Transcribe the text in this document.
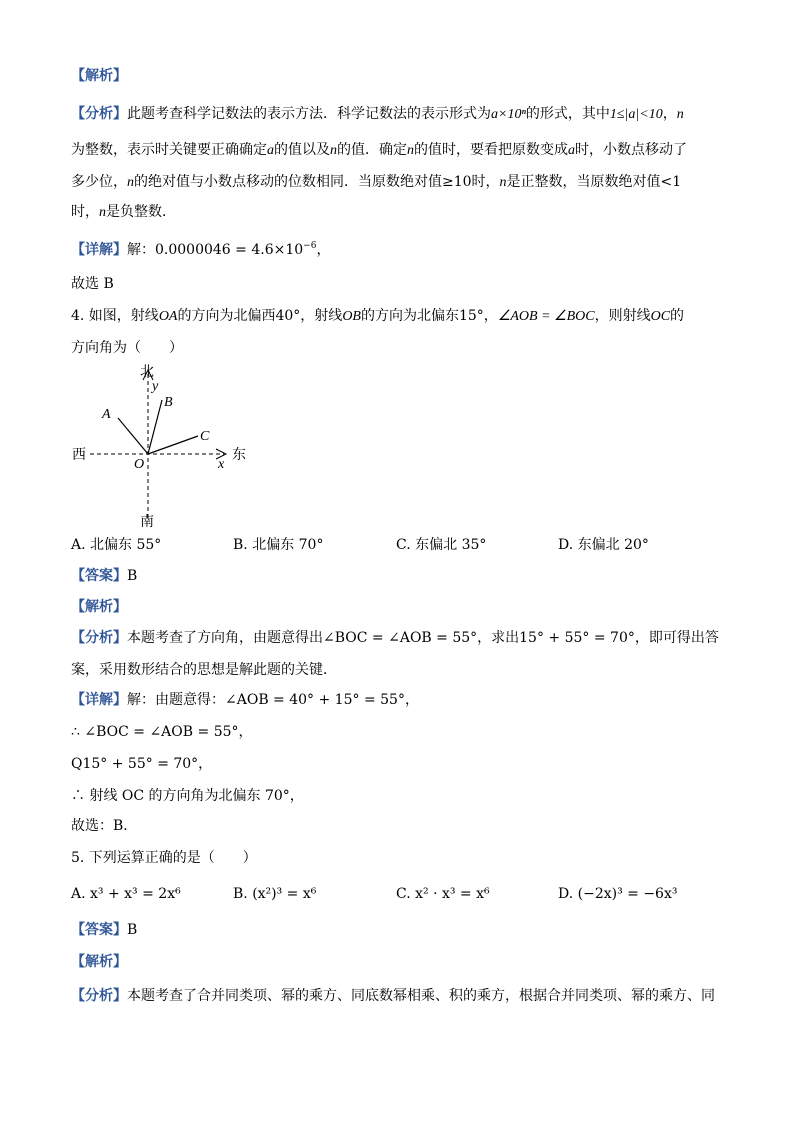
【解析】
【分析】此题考查科学记数法的表示方法．科学记数法的表示形式为a×10ⁿ的形式，其中1≤|a|<10，n
为整数，表示时关键要正确确定a的值以及n的值．确定n的值时，要看把原数变成a时，小数点移动了
多少位，n的绝对值与小数点移动的位数相同．当原数绝对值≥10时，n是正整数，当原数绝对值<1
时，n是负整数．
【详解】解：$0.0000046 = 4.6\times 10^{-6}$，
故选 B
4. 如图，射线OA的方向为北偏西40°，射线OB的方向为北偏东15°，∠AOB = ∠BOC，则射线OC的
方向角为（　　）
北
y
B
A
C
西	东
O	x
南
A. 北偏东 55°	B. 北偏东 70°	C. 东偏北 35°	D. 东偏北 20°
【答案】B
【解析】
【分析】本题考查了方向角，由题意得出∠BOC = ∠AOB = 55°，求出15° + 55° = 70°，即可得出答
案，采用数形结合的思想是解此题的关键．
【详解】解：由题意得：∠AOB = 40° + 15° = 55°，
∴ ∠BOC = ∠AOB = 55°，
Q15° + 55° = 70°，
∴ 射线 OC 的方向角为北偏东 70°，
故选：B．
5. 下列运算正确的是（　　）
A. x³ + x³ = 2x⁶	B. (x²)³ = x⁶	C. x² · x³ = x⁶	D. (−2x)³ = −6x³
【答案】B
【解析】
【分析】本题考查了合并同类项、幂的乘方、同底数幂相乘、积的乘方，根据合并同类项、幂的乘方、同
